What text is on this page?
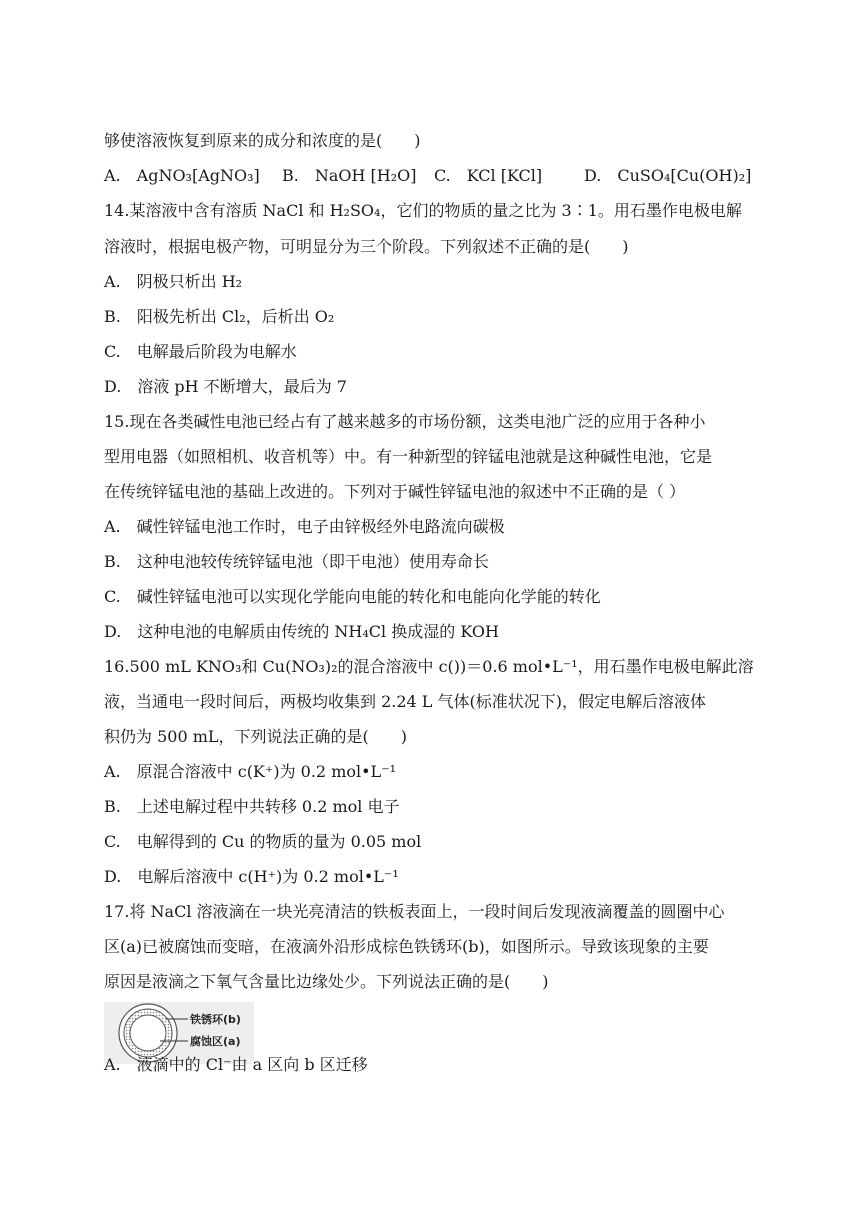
够使溶液恢复到原来的成分和浓度的是(　　)
A.　AgNO₃[AgNO₃] B.　NaOH [H₂O] C.　KCl [KCl]	D.　CuSO₄[Cu(OH)₂]
14.某溶液中含有溶质 NaCl 和 H₂SO₄，它们的物质的量之比为 3∶1。用石墨作电极电解
溶液时，根据电极产物，可明显分为三个阶段。下列叙述不正确的是(　　)
A.　阴极只析出 H₂
B.　阳极先析出 Cl₂，后析出 O₂
C.　电解最后阶段为电解水
D.　溶液 pH 不断增大，最后为 7
15.现在各类碱性电池已经占有了越来越多的市场份额，这类电池广泛的应用于各种小
型用电器（如照相机、收音机等）中。有一种新型的锌锰电池就是这种碱性电池，它是
在传统锌锰电池的基础上改进的。下列对于碱性锌锰电池的叙述中不正确的是（ ）
A.　碱性锌锰电池工作时，电子由锌极经外电路流向碳极
B.　这种电池较传统锌锰电池（即干电池）使用寿命长
C.　碱性锌锰电池可以实现化学能向电能的转化和电能向化学能的转化
D.　这种电池的电解质由传统的 NH₄Cl 换成湿的 KOH
16.500 mL KNO₃和 Cu(NO₃)₂的混合溶液中 c())＝0.6 mol•L⁻¹，用石墨作电极电解此溶
液，当通电一段时间后，两极均收集到 2.24 L 气体(标准状况下)，假定电解后溶液体
积仍为 500 mL，下列说法正确的是(　　)
A.　原混合溶液中 c(K⁺)为 0.2 mol•L⁻¹
B.　上述电解过程中共转移 0.2 mol 电子
C.　电解得到的 Cu 的物质的量为 0.05 mol
D.　电解后溶液中 c(H⁺)为 0.2 mol•L⁻¹
17.将 NaCl 溶液滴在一块光亮清洁的铁板表面上，一段时间后发现液滴覆盖的圆圈中心
区(a)已被腐蚀而变暗，在液滴外沿形成棕色铁锈环(b)，如图所示。导致该现象的主要
原因是液滴之下氧气含量比边缘处少。下列说法正确的是(　　)
铁锈环(b)
腐蚀区(a)
A.　液滴中的 Cl⁻由 a 区向 b 区迁移
